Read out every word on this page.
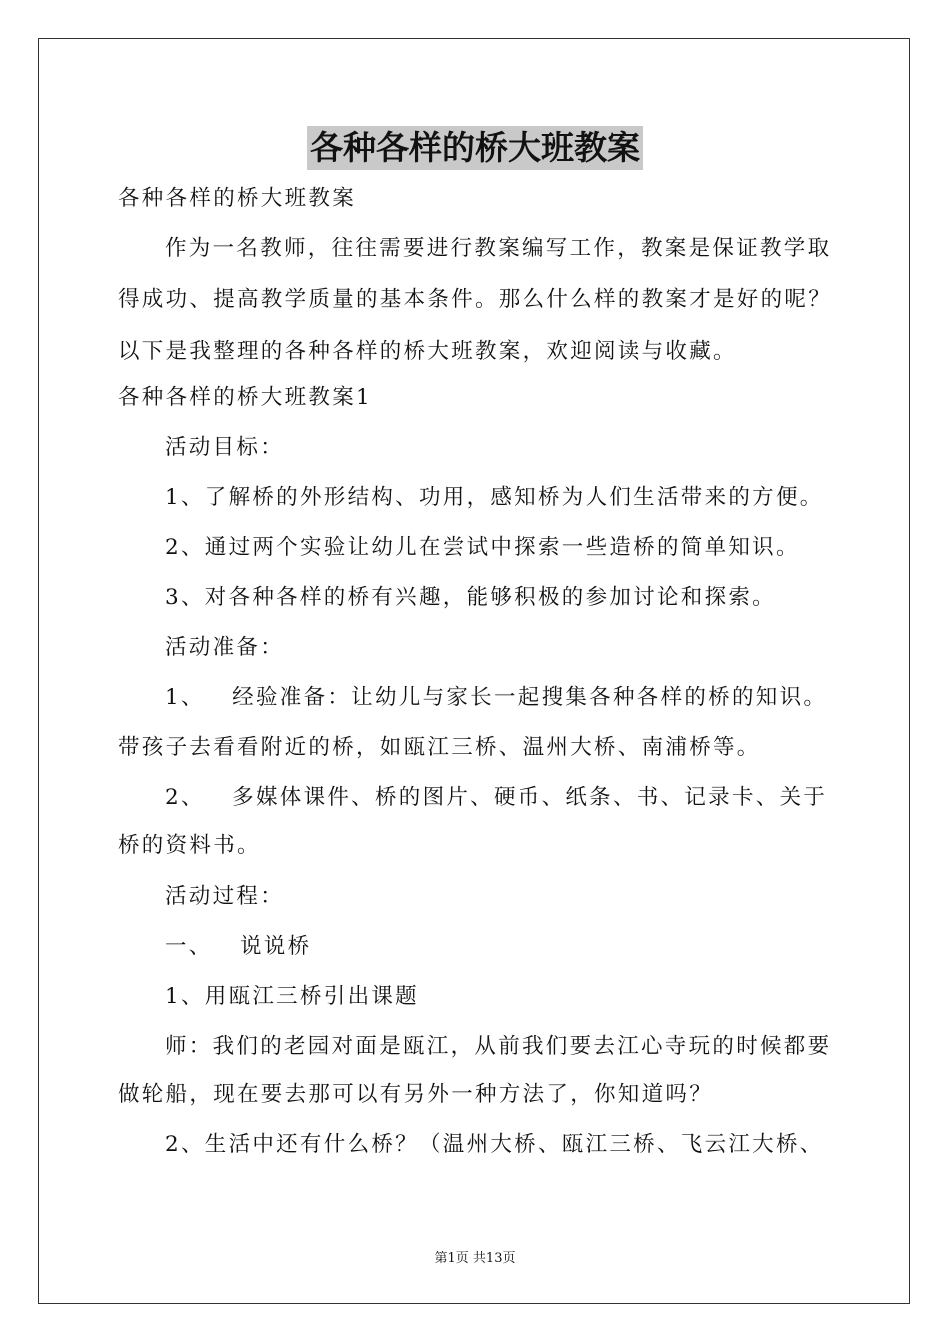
各种各样的桥大班教案
各种各样的桥大班教案
作为一名教师，往往需要进行教案编写工作，教案是保证教学取
得成功、提高教学质量的基本条件。那么什么样的教案才是好的呢？
以下是我整理的各种各样的桥大班教案，欢迎阅读与收藏。
各种各样的桥大班教案1
活动目标：
1、了解桥的外形结构、功用，感知桥为人们生活带来的方便。
2、通过两个实验让幼儿在尝试中探索一些造桥的简单知识。
3、对各种各样的桥有兴趣，能够积极的参加讨论和探索。
活动准备：
1、   经验准备：让幼儿与家长一起搜集各种各样的桥的知识。
带孩子去看看附近的桥，如瓯江三桥、温州大桥、南浦桥等。
2、   多媒体课件、桥的图片、硬币、纸条、书、记录卡、关于
桥的资料书。
活动过程：
一、   说说桥
1、用瓯江三桥引出课题
师：我们的老园对面是瓯江，从前我们要去江心寺玩的时候都要
做轮船，现在要去那可以有另外一种方法了，你知道吗？
2、生活中还有什么桥？（温州大桥、瓯江三桥、飞云江大桥、
第1页 共13页
